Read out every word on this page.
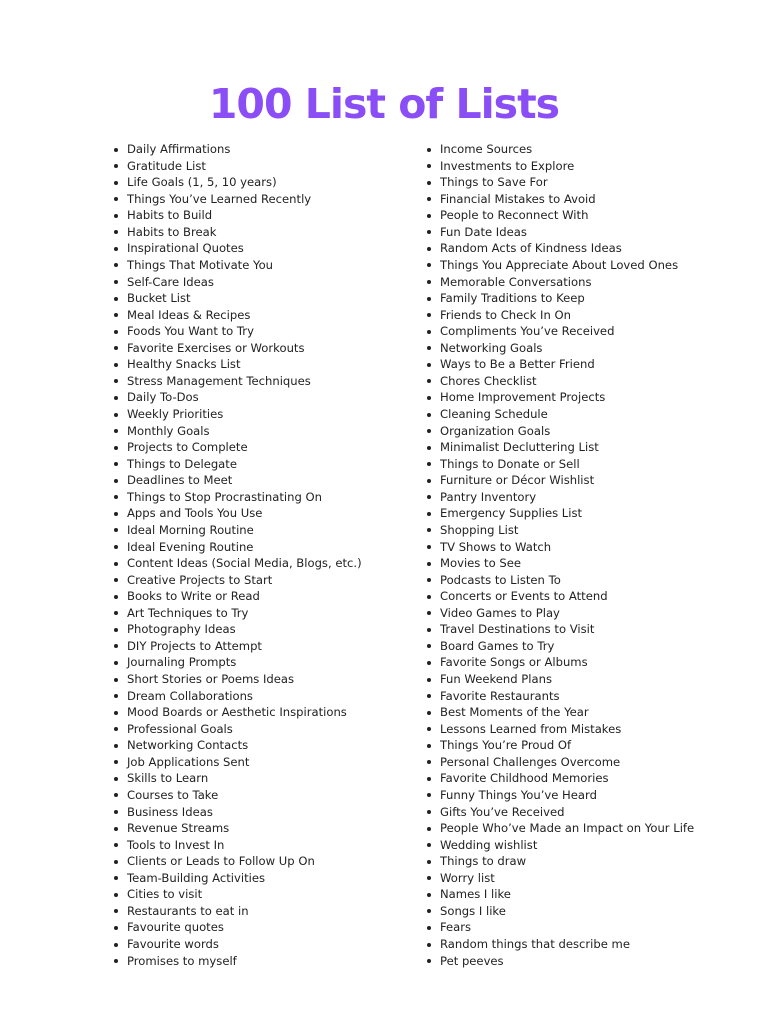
100 List of Lists
Daily Affirmations
Gratitude List
Life Goals (1, 5, 10 years)
Things You’ve Learned Recently
Habits to Build
Habits to Break
Inspirational Quotes
Things That Motivate You
Self-Care Ideas
Bucket List
Meal Ideas & Recipes
Foods You Want to Try
Favorite Exercises or Workouts
Healthy Snacks List
Stress Management Techniques
Daily To-Dos
Weekly Priorities
Monthly Goals
Projects to Complete
Things to Delegate
Deadlines to Meet
Things to Stop Procrastinating On
Apps and Tools You Use
Ideal Morning Routine
Ideal Evening Routine
Content Ideas (Social Media, Blogs, etc.)
Creative Projects to Start
Books to Write or Read
Art Techniques to Try
Photography Ideas
DIY Projects to Attempt
Journaling Prompts
Short Stories or Poems Ideas
Dream Collaborations
Mood Boards or Aesthetic Inspirations
Professional Goals
Networking Contacts
Job Applications Sent
Skills to Learn
Courses to Take
Business Ideas
Revenue Streams
Tools to Invest In
Clients or Leads to Follow Up On
Team-Building Activities
Cities to visit
Restaurants to eat in
Favourite quotes
Favourite words
Promises to myself
Income Sources
Investments to Explore
Things to Save For
Financial Mistakes to Avoid
People to Reconnect With
Fun Date Ideas
Random Acts of Kindness Ideas
Things You Appreciate About Loved Ones
Memorable Conversations
Family Traditions to Keep
Friends to Check In On
Compliments You’ve Received
Networking Goals
Ways to Be a Better Friend
Chores Checklist
Home Improvement Projects
Cleaning Schedule
Organization Goals
Minimalist Decluttering List
Things to Donate or Sell
Furniture or Décor Wishlist
Pantry Inventory
Emergency Supplies List
Shopping List
TV Shows to Watch
Movies to See
Podcasts to Listen To
Concerts or Events to Attend
Video Games to Play
Travel Destinations to Visit
Board Games to Try
Favorite Songs or Albums
Fun Weekend Plans
Favorite Restaurants
Best Moments of the Year
Lessons Learned from Mistakes
Things You’re Proud Of
Personal Challenges Overcome
Favorite Childhood Memories
Funny Things You’ve Heard
Gifts You’ve Received
People Who’ve Made an Impact on Your Life
Wedding wishlist
Things to draw
Worry list
Names I like
Songs I like
Fears
Random things that describe me
Pet peeves
